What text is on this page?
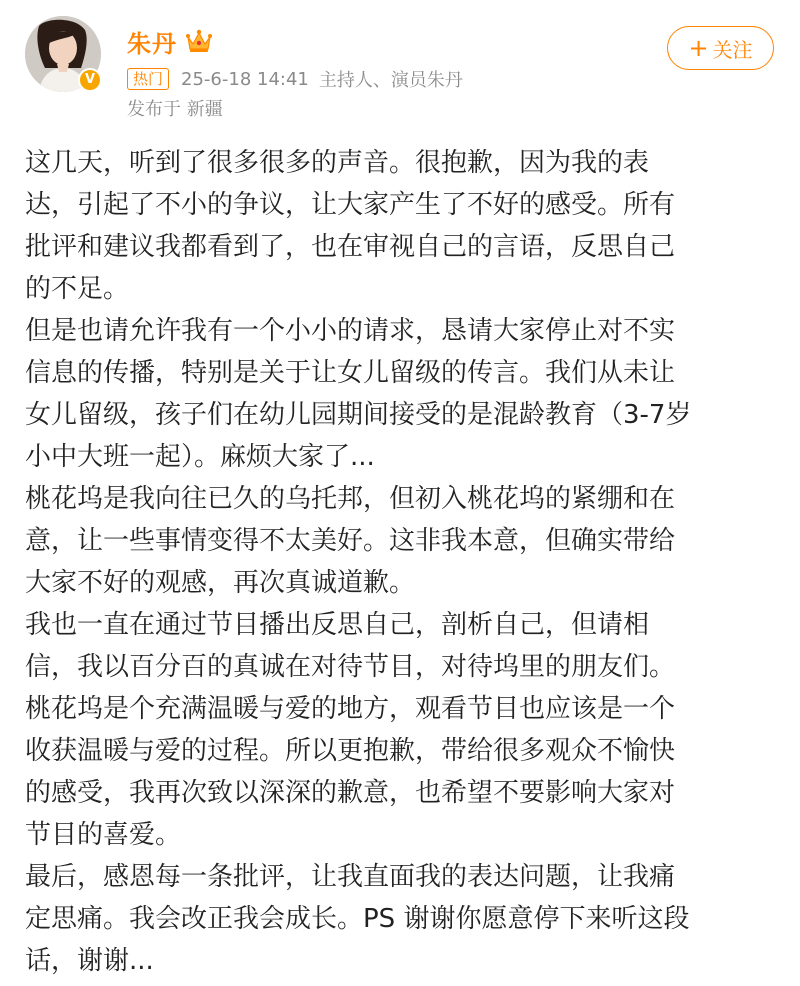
V
朱丹
热门	25-6-18 14:41 主持人、演员朱丹
发布于 新疆
+ 关注
这几天，听到了很多很多的声音。很抱歉，因为我的表
达，引起了不小的争议，让大家产生了不好的感受。所有
批评和建议我都看到了，也在审视自己的言语，反思自己
的不足。
但是也请允许我有一个小小的请求，恳请大家停止对不实
信息的传播，特别是关于让女儿留级的传言。我们从未让
女儿留级，孩子们在幼儿园期间接受的是混龄教育（3-7岁
小中大班一起）。麻烦大家了...
桃花坞是我向往已久的乌托邦，但初入桃花坞的紧绷和在
意，让一些事情变得不太美好。这非我本意，但确实带给
大家不好的观感，再次真诚道歉。
我也一直在通过节目播出反思自己，剖析自己，但请相
信，我以百分百的真诚在对待节目，对待坞里的朋友们。
桃花坞是个充满温暖与爱的地方，观看节目也应该是一个
收获温暖与爱的过程。所以更抱歉，带给很多观众不愉快
的感受，我再次致以深深的歉意，也希望不要影响大家对
节目的喜爱。
最后，感恩每一条批评，让我直面我的表达问题，让我痛
定思痛。我会改正我会成长。PS 谢谢你愿意停下来听这段
话，谢谢...
